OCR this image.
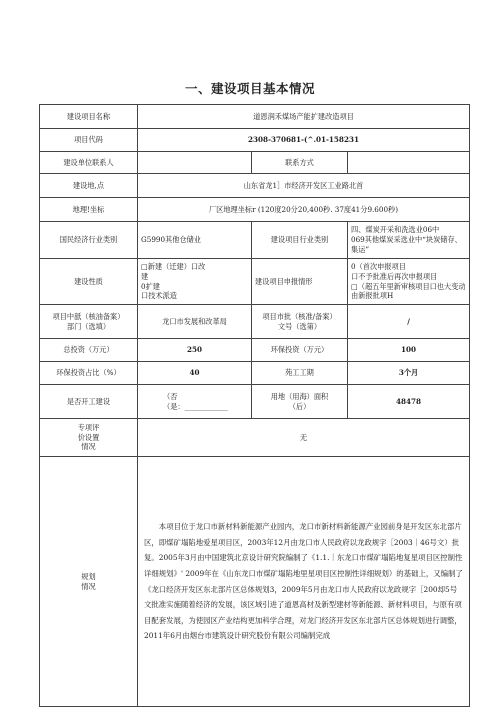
一、建设项目基本情况
建设项目名称	道恩润禾煤场产能扩建改造项目		
项目代码	2308-370681-(^.01-158231		
建设单位联系人		联系方式	
建设地,点	山东省龙1］市经济开发区工业路北首		
地理!坐标	厂区地理坐标r (120度20分20,400秒. 37度41分9.600秒)		
国民经济行业类别	G5990其他仓储业	建设项目行业类别	四、煤炭开采和洗选业06中
069其他煤炭采选业中“块炭储存、
集运”

建设性质	□新建（迁建）口改
建
0扩建
口技术派造	建设项目申报情形	0（首次申报项目
口不予批准后再次申报项目
□（超五年里新审核项目口也大变动
由新报批项H

项目中舐（核油备案）
部门（选填）	龙口市发展和改革局	项目市批（核准/备案）
文号（选第）	/
总投资（万元）	250	环保投资（万元）	100
环保投资占比（%）	40	苑工工期	3个月
是否开工建设	（否
（是：____________	用地（用海）面积
（后）	48478

专项评
价设置
情况	无		

规划
情况	本项目位于龙口市新材料新能源产业园内，龙口市新材料新能源产业园前身是开发区东北部片区，即煤矿塌陷地爱星项目区，2003年12月由龙口市人民政府以龙政规字［2003｜46号文）批复。2005年3月由中国建筑北京设计研究院编制了《1.1.｜东龙口市煤矿塌陷地复星项目区控制性详细规划》' 2009年在《山东龙口市煤矿塌陷地里星项目区控制性详细规划）的基础上，又编制了《龙口经济开发区东北部片区总体规划3，2009年5月由龙口市人民政府以龙政规字［200却5号文批准实施随着经济的发展，该区域引进了道恩高材及新型建材等新能源、新材料项目，与原有项目配套发展，为使园区产业结构更加科学合理，对龙门经济开发区东北部片区总体规划进行调整，2011年6月由烟台市建筑设计研究股份有限公司编制完成		
